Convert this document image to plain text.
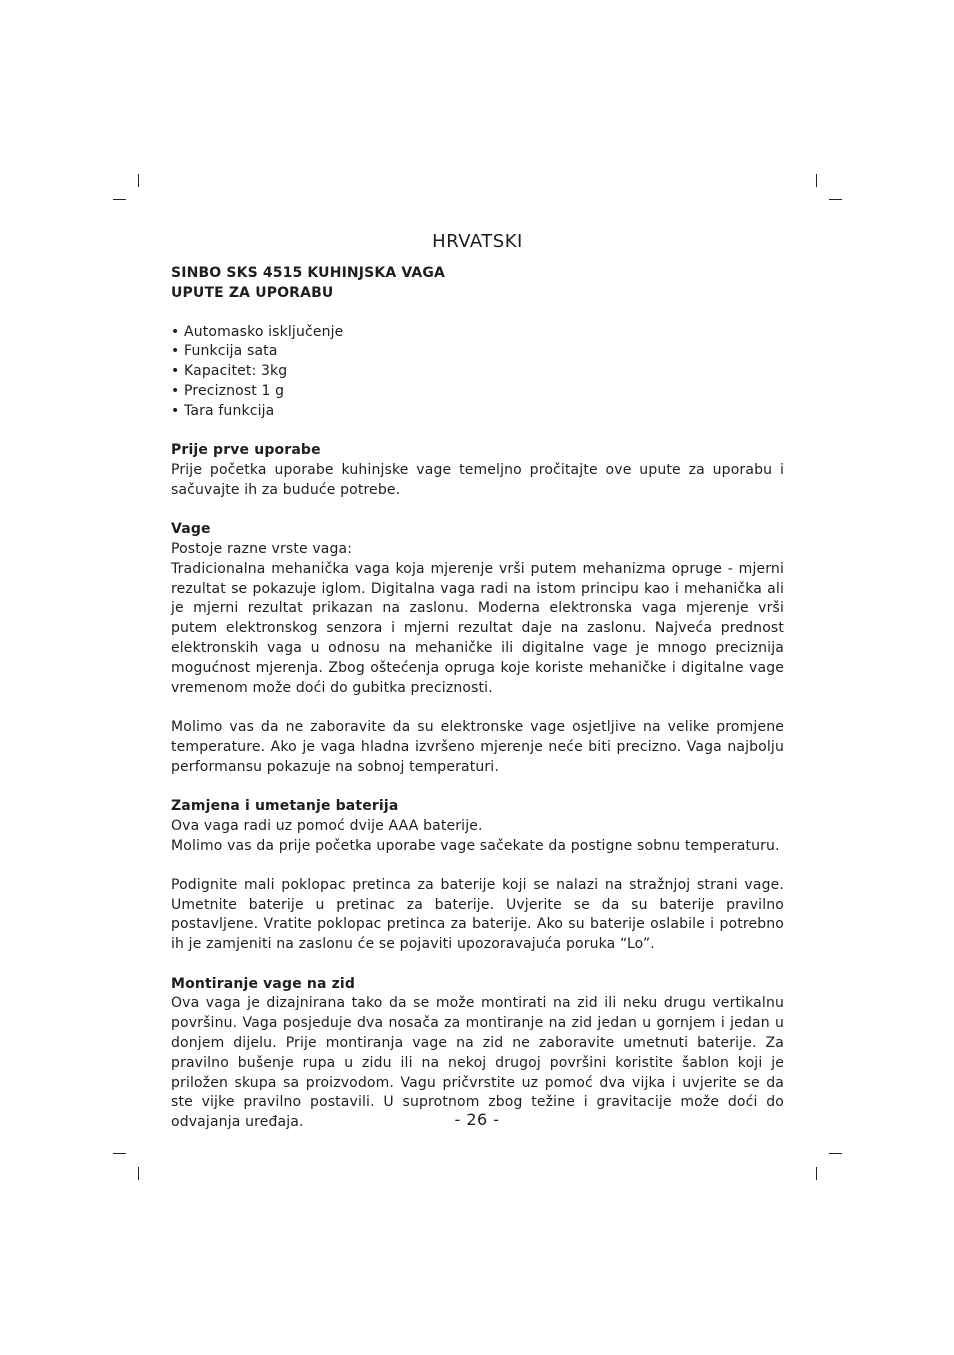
HRVATSKI
SINBO SKS 4515 KUHINJSKA VAGA
UPUTE ZA UPORABU
• Automasko isključenje
• Funkcija sata
• Kapacitet: 3kg
• Preciznost 1 g
• Tara funkcija
Prije prve uporabe

Prije početka uporabe kuhinjske vage temeljno pročitajte ove upute za uporabu i sačuvajte ih za buduće potrebe.

Vage

Postoje razne vrste vaga:

Tradicionalna mehanička vaga koja mjerenje vrši putem mehanizma opruge - mjerni rezultat se pokazuje iglom. Digitalna vaga radi na istom principu kao i mehanička ali je mjerni rezultat prikazan na zaslonu. Moderna elektronska vaga mjerenje vrši putem elektronskog senzora i mjerni rezultat daje na zaslonu. Najveća prednost elektronskih vaga u odnosu na mehaničke ili digitalne vage je mnogo preciznija mogućnost mjerenja. Zbog oštećenja opruga koje koriste mehaničke i digitalne vage vremenom može doći do gubitka preciznosti.

Molimo vas da ne zaboravite da su elektronske vage osjetljive na velike promjene temperature. Ako je vaga hladna izvršeno mjerenje neće biti precizno. Vaga najbolju performansu pokazuje na sobnoj temperaturi.

Zamjena i umetanje baterija

Ova vaga radi uz pomoć dvije AAA baterije.

Molimo vas da prije početka uporabe vage sačekate da postigne sobnu temperaturu.

Podignite mali poklopac pretinca za baterije koji se nalazi na stražnjoj strani vage. Umetnite baterije u pretinac za baterije. Uvjerite se da su baterije pravilno postavljene. Vratite poklopac pretinca za baterije. Ako su baterije oslabile i potrebno ih je zamjeniti na zaslonu će se pojaviti upozoravajuća poruka “Lo”.

Montiranje vage na zid

Ova vaga je dizajnirana tako da se može montirati na zid ili neku drugu vertikalnu površinu. Vaga posjeduje dva nosača za montiranje na zid jedan u gornjem i jedan u donjem dijelu. Prije montiranja vage na zid ne zaboravite umetnuti baterije. Za pravilno bušenje rupa u zidu ili na nekoj drugoj površini koristite šablon koji je priložen skupa sa proizvodom. Vagu pričvrstite uz pomoć dva vijka i uvjerite se da ste vijke pravilno postavili. U suprotnom zbog težine i gravitacije može doći do odvajanja uređaja.	- 26 -
